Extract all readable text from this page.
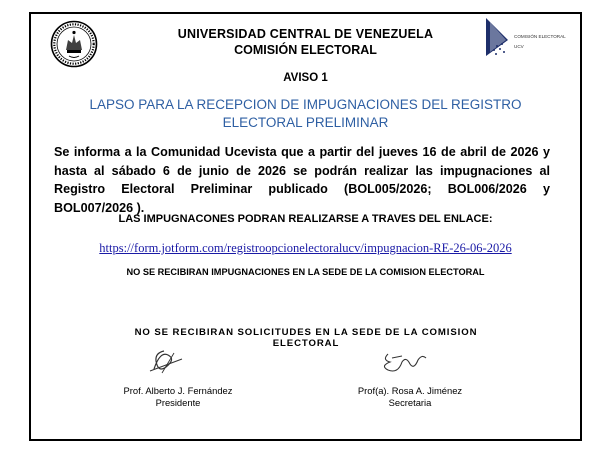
COMISIÓN ELECTORAL
UCV
UNIVERSIDAD CENTRAL DE VENEZUELA
COMISIÓN ELECTORAL
AVISO 1
LAPSO PARA LA RECEPCION DE IMPUGNACIONES DEL REGISTRO ELECTORAL PRELIMINAR
Se informa a la Comunidad Ucevista que a partir del jueves 16 de abril de 2026 y hasta al sábado 6 de junio de 2026 se podrán realizar las impugnaciones al Registro Electoral Preliminar publicado (BOL005/2026; BOL006/2026 y BOL007/2026 ).
LAS IMPUGNACONES PODRAN REALIZARSE A TRAVES DEL ENLACE:
https://form.jotform.com/registroopcionelectoralucv/impugnacion-RE-26-06-2026
NO SE RECIBIRAN IMPUGNACIONES EN LA SEDE DE LA COMISION ELECTORAL
NO SE RECIBIRAN SOLICITUDES EN LA SEDE DE LA COMISION ELECTORAL
Prof. Alberto J. Fernández
Presidente
Prof(a). Rosa A. Jiménez
Secretaria
